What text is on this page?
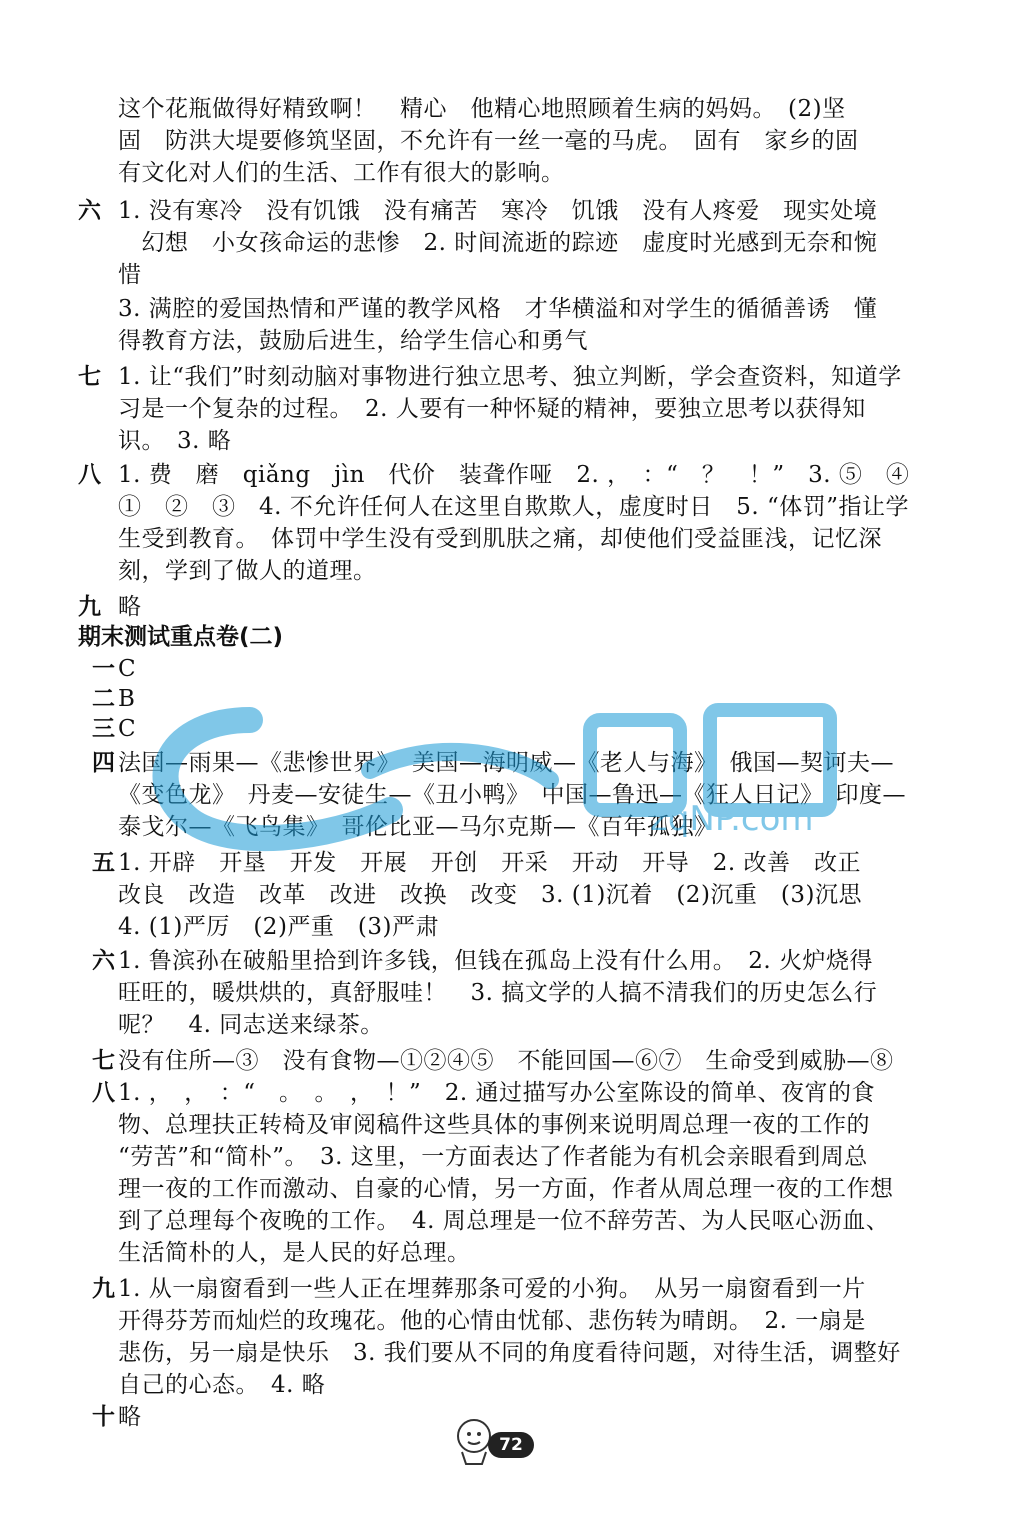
这个花瓶做得好精致啊！　精心　他精心地照顾着生病的妈妈。　(2)坚
固　防洪大堤要修筑坚固，不允许有一丝一毫的马虎。　固有　家乡的固
有文化对人们的生活、工作有很大的影响。
六 1. 没有寒冷　没有饥饿　没有痛苦　寒冷　饥饿　没有人疼爱　现实处境
　幻想　小女孩命运的悲惨　2. 时间流逝的踪迹　虚度时光感到无奈和惋
惜
3. 满腔的爱国热情和严谨的教学风格　才华横溢和对学生的循循善诱　懂
得教育方法，鼓励后进生，给学生信心和勇气
七 1. 让“我们”时刻动脑对事物进行独立思考、独立判断，学会查资料，知道学
习是一个复杂的过程。　2. 人要有一种怀疑的精神，要独立思考以获得知
识。　3. 略
八 1. 费　磨　qiǎng　jìn　代价　装聋作哑　2. ，　：“　？　！”　3. ⑤　④
①　②　③　4. 不允许任何人在这里自欺欺人，虚度时日　5. “体罚”指让学
生受到教育。　体罚中学生没有受到肌肤之痛，却使他们受益匪浅，记忆深
刻，学到了做人的道理。
九 略
期末测试重点卷(二)
一 C
二 B
三 C
四 法国—雨果—《悲惨世界》　美国—海明威—《老人与海》　俄国—契诃夫—
《变色龙》　丹麦—安徒生—《丑小鸭》　中国—鲁迅—《狂人日记》　印度—
泰戈尔—《飞鸟集》　哥伦比亚—马尔克斯—《百年孤独》
五 1. 开辟　开垦　开发　开展　开创　开采　开动　开导　2. 改善　改正
改良　改造　改革　改进　改换　改变　3. (1)沉着　(2)沉重　(3)沉思
4. (1)严厉　(2)严重　(3)严肃
六 1. 鲁滨孙在破船里拾到许多钱，但钱在孤岛上没有什么用。　2. 火炉烧得
旺旺的，暖烘烘的，真舒服哇！　3. 搞文学的人搞不清我们的历史怎么行
呢？　4. 同志送来绿茶。
七 没有住所—③　没有食物—①②④⑤　不能回国—⑥⑦　生命受到威胁—⑧
八 1. ，　，　：“　。　。　，　！”　2. 通过描写办公室陈设的简单、夜宵的食
物、总理扶正转椅及审阅稿件这些具体的事例来说明周总理一夜的工作的
“劳苦”和“简朴”。　3. 这里，一方面表达了作者能为有机会亲眼看到周总
理一夜的工作而激动、自豪的心情，另一方面，作者从周总理一夜的工作想
到了总理每个夜晚的工作。　4. 周总理是一位不辞劳苦、为人民呕心沥血、
生活简朴的人，是人民的好总理。
九 1. 从一扇窗看到一些人正在埋葬那条可爱的小狗。　从另一扇窗看到一片
开得芬芳而灿烂的玫瑰花。他的心情由忧郁、悲伤转为晴朗。　2. 一扇是
悲伤，另一扇是快乐　3. 我们要从不同的角度看待问题，对待生活，调整好
自己的心态。　4. 略
十 略
zqNP.com
72
